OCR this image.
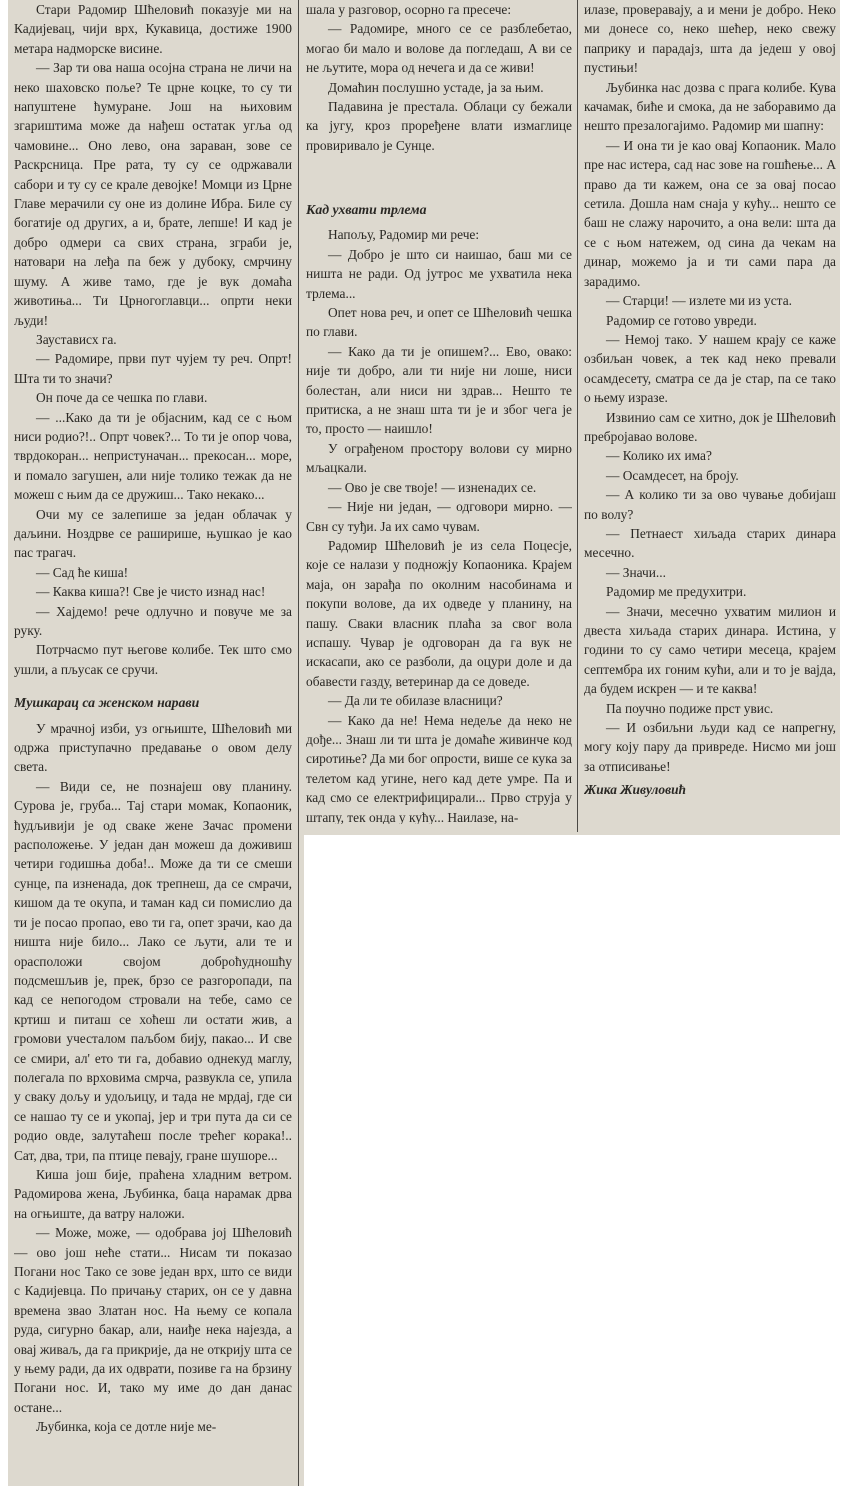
Стари Радомир Шћеловић показује ми на Кадијевац, чији врх, Кукавица, достиже 1900 метара надморске висине.

— Зар ти ова наша осојна страна не личи на неко шаховско поље? Те црне коцке, то су ти напуштене ћумуране. Још на њиховим згариштима може да нађеш остатак угља од чамовине... Оно лево, она зараван, зове се Раскрсница. Пре рата, ту су се одржавали сабори и ту су се крале девојке! Момци из Црне Главе мерачили су оне из долине Ибра. Биле су богатије од других, а и, брате, лепше! И кад је добро одмери са свих страна, зграби је, натовари на леђа па беж у дубоку, смрчину шуму. А живе тамо, где је вук домаћа животиња... Ти Црногоглавци... опрти неки људи!

Заустависх га.

— Радомире, први пут чујем ту реч. Опрт! Шта ти то значи?

Он поче да се чешка по глави.

— ...Како да ти је објасним, кад се с њом ниси родио?!.. Опрт човек?... То ти је опор чова, тврдокоран... непристуначан... прекосан... море, и помало загушен, али није толико тежак да не можеш с њим да се дружиш... Тако некако...

Очи му се залепише за један облачак у даљини. Ноздрве се раширише, њушкао је као пас трагач.

— Сад ће киша!

— Каква киша?! Све је чисто изнад нас!

— Хајдемо! рече одлучно и повуче ме за руку.

Потрчасмо пут његове колибе. Тек што смо ушли, а пљусак се сручи.

Мушкарац са женском нарави

У мрачној изби, уз огњиште, Шћеловић ми одржа приступачно предавање о овом делу света.

— Види се, не познајеш ову планину. Сурова је, груба... Тај стари момак, Копаоник, ћудљивији је од сваке жене Зачас промени расположење. У један дан можеш да доживиш четири годишња доба!.. Може да ти се смеши сунце, па изненада, док трепнеш, да се смрачи, кишом да те окупа, и таман кад си помислио да ти је посао пропао, ево ти га, опет зрачи, као да ништа није било... Лако се љути, али те и орасположи својом доброћудношћу подсмешљив је, прек, брзо се разгоропади, па кад се непогодом стровали на тебе, само се кртиш и питаш се хоћеш ли остати жив, а громови учесталом паљбом бију, пакао... И све се смири, ал' ето ти га, добавио однекуд маглу, полегала по врховима смрча, развукла се, упила у сваку дољу и удољицу, и тада не мрдај, где си се нашао ту се и укопај, јер и три пута да си се родио овде, залутаћеш после трећег корака!.. Сат, два, три, па птице певају, гране шушоре...

Киша још бије, праћена хладним ветром. Радомирова жена, Љубинка, баца нарамак дрва на огњиште, да ватру наложи.

— Може, може, — одобрава јој Шћеловић — ово још неће стати... Нисам ти показао Погани нос Тако се зове један врх, што се види с Кадијевца. По причању старих, он се у давна времена звао Златан нос. На њему се копала руда, сигурно бакар, али, наиђе нека најезда, а овај живаљ, да га прикрије, да не открију шта се у њему ради, да их одврати, позиве га на брзину Погани нос. И, тако му име до дан данас остане...

Љубинка, која се дотле није ме-

шала у разговор, осорно га пресече:

— Радомире, много се се разблебетао, могао би мало и волове да погледаш, А ви се не љутите, мора од нечега и да се живи!

Домаћин послушно устаде, ја за њим.

Падавина је престала. Облаци су бежали ка југу, кроз проређене влати измаглице провиривало је Сунце.

Кад ухвати трлема

Напољу, Радомир ми рече:

— Добро је што си наишао, баш ми се ништа не ради. Од јутрос ме ухватила нека трлема...

Опет нова реч, и опет се Шћеловић чешка по глави.

— Како да ти је опишем?... Ево, овако: није ти добро, али ти није ни лоше, ниси болестан, али ниси ни здрав... Нешто те притиска, а не знаш шта ти је и због чега је то, просто — наишло!

У ограђеном простору волови су мирно мљацкали.

— Ово је све твоје! — изненадих се.

— Није ни један, — одговори мирно. — Свн су туђи. Ја их само чувам.

Радомир Шћеловић је из села Поцесје, које се налази у подножју Копаоника. Крајем маја, он зарађа по околним насобинама и покупи волове, да их одведе у планину, на пашу. Сваки власник плаћа за свог вола испашу. Чувар је одговоран да га вук не искасапи, ако се разболи, да оцури доле и да обавести газду, ветеринар да се доведе.

— Да ли те обилазе власници?

— Како да не! Нема недеље да неко не дође... Знаш ли ти шта је домаће живинче код сиротиње? Да ми бог опрости, више се кука за телетом кад угине, него кад дете умре. Па и кад смо се електрифицирали... Прво струја у штапу, тек онда у кућу... Наилазе, на-

илазе, проверавају, а и мени је добро. Неко ми донесе со, неко шећер, неко свежу паприку и парадајз, шта да једеш у овој пустињи!

Љубинка нас дозва с прага колибе. Кува качамак, биће и смока, да не заборавимо да нешто презалогајимо. Радомир ми шапну:

— И она ти је као овај Копаоник. Мало пре нас истера, сад нас зове на гошћење... А право да ти кажем, она се за овај посао сетила. Дошла нам снаја у кућу... нешто се баш не слажу нарочито, а она вели: шта да се с њом натежем, од сина да чекам на динар, можемо ја и ти сами пара да зарадимо.

— Старци! — излете ми из уста.

Радомир се готово увреди.

— Немој тако. У нашем крају се каже озбиљан човек, а тек кад неко превали осамдесету, сматра се да је стар, па се тако о њему изразе.

Извинио сам се хитно, док је Шћеловић пребројавао волове.

— Колико их има?

— Осамдесет, на броју.

— А колико ти за ово чување добијаш по волу?

— Петнаест хиљада старих динара месечно.

— Значи...

Радомир ме предухитри.

— Значи, месечно ухватим милион и двеста хиљада старих динара. Истина, у години то су само четири месеца, крајем септембра их гоним кући, али и то је вајда, да будем искрен — и те каква!

Па поучно подиже прст увис.

— И озбиљни људи кад се напрегну, могу коју пару да привреде. Нисмо ми још за отписивање!

Жика Живуловић
